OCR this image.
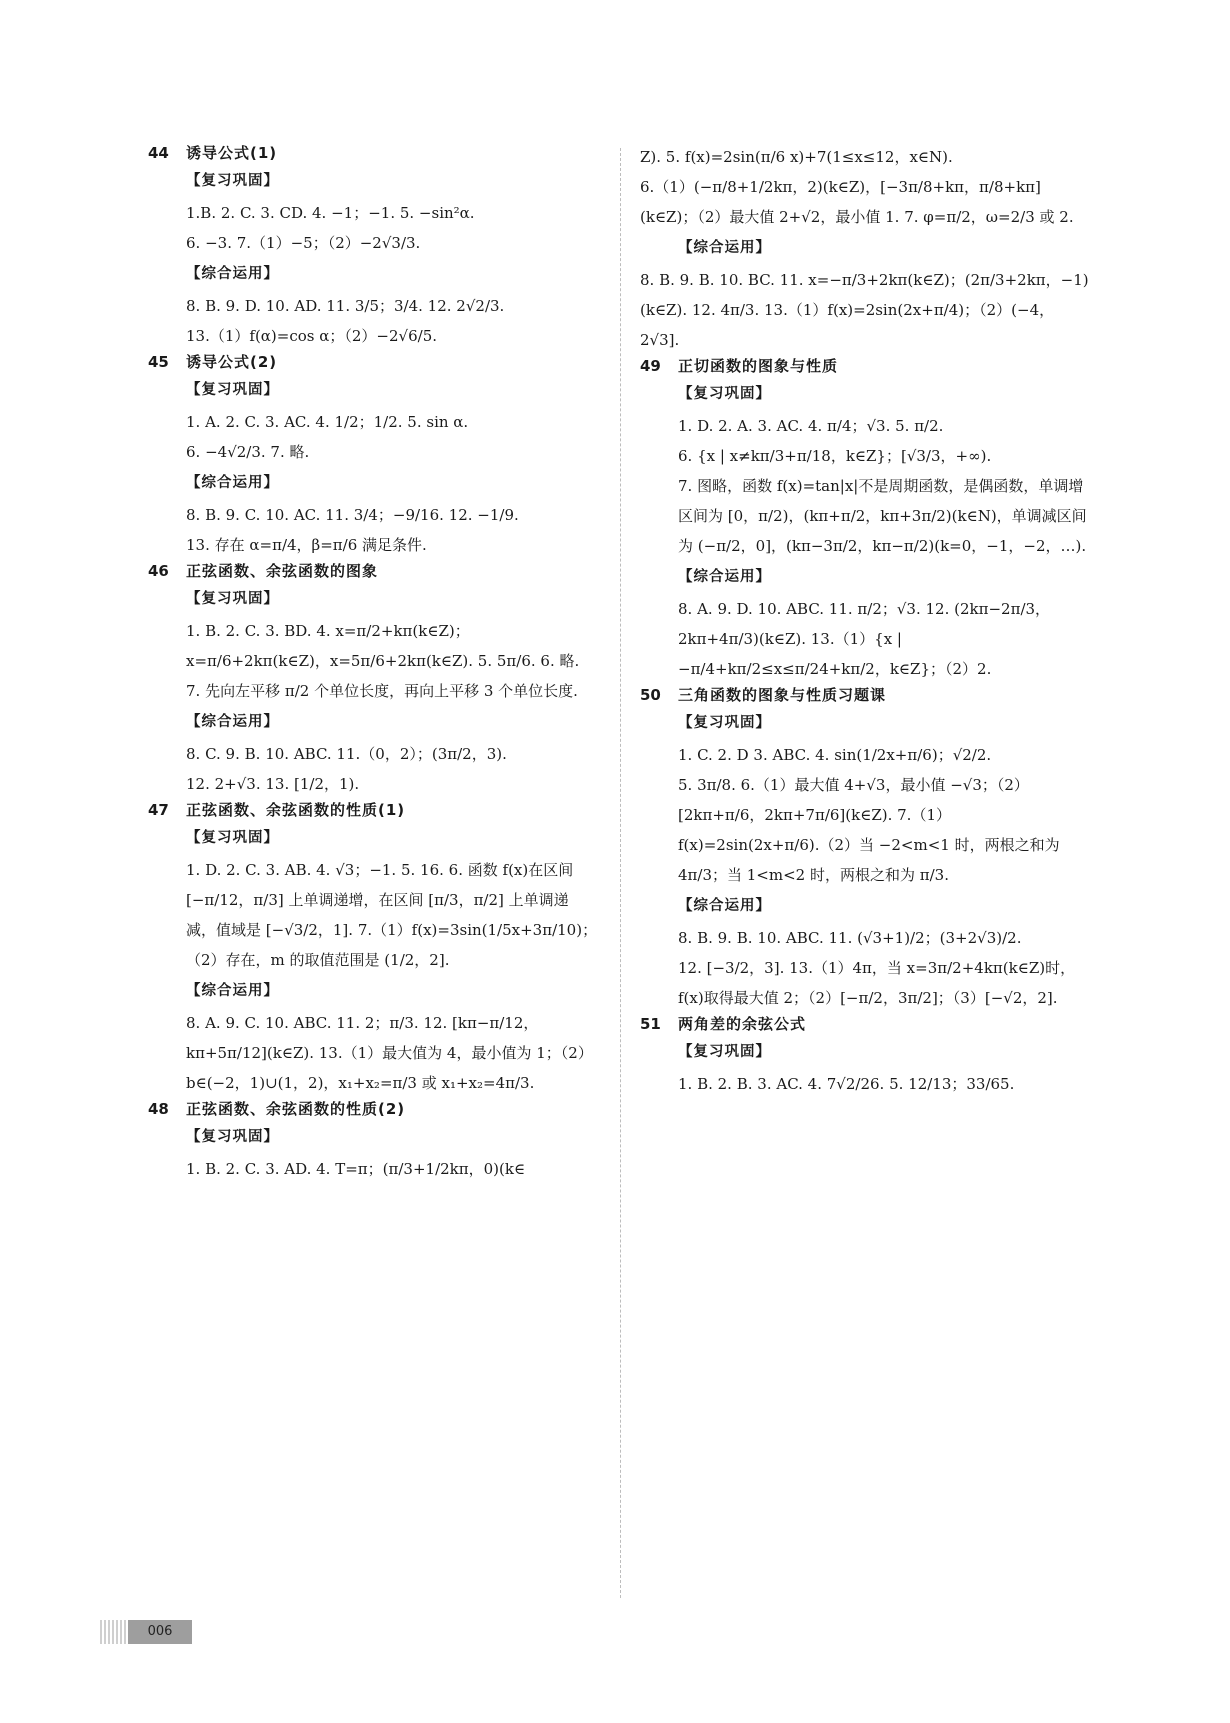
44	诱导公式(1)
【复习巩固】
1.B. 2. C. 3. CD. 4. −1；−1. 5. −sin²α.
6. −3. 7.（1）−5；（2）−2√3/3.
【综合运用】
8. B. 9. D. 10. AD. 11. 3/5；3/4. 12. 2√2/3.
13.（1）f(α)=cos α；（2）−2√6/5.
45	诱导公式(2)
【复习巩固】
1. A. 2. C. 3. AC. 4. 1/2；1/2. 5. sin α.
6. −4√2/3. 7. 略.
【综合运用】
8. B. 9. C. 10. AC. 11. 3/4；−9/16. 12. −1/9.
13. 存在 α=π/4，β=π/6 满足条件.
46	正弦函数、余弦函数的图象
【复习巩固】
1. B. 2. C. 3. BD. 4. x=π/2+kπ(k∈Z)；x=π/6+2kπ(k∈Z)，x=5π/6+2kπ(k∈Z). 5. 5π/6. 6. 略.
7. 先向左平移 π/2 个单位长度，再向上平移 3 个单位长度.
【综合运用】
8. C. 9. B. 10. ABC. 11.（0，2）；(3π/2，3).
12. 2+√3. 13. [1/2，1).
47	正弦函数、余弦函数的性质(1)
【复习巩固】
1. D. 2. C. 3. AB. 4. √3；−1. 5. 16. 6. 函数 f(x)在区间 [−π/12，π/3] 上单调递增，在区间 [π/3，π/2] 上单调递减，值域是 [−√3/2，1]. 7.（1）f(x)=3sin(1/5x+3π/10)；（2）存在，m 的取值范围是 (1/2，2].
【综合运用】
8. A. 9. C. 10. ABC. 11. 2；π/3. 12. [kπ−π/12，kπ+5π/12](k∈Z). 13.（1）最大值为 4，最小值为 1；（2）b∈(−2，1)∪(1，2)，x₁+x₂=π/3 或 x₁+x₂=4π/3.
48	正弦函数、余弦函数的性质(2)
【复习巩固】
1. B. 2. C. 3. AD. 4. T=π；(π/3+1/2kπ，0)(k∈
Z). 5. f(x)=2sin(π/6 x)+7(1≤x≤12，x∈N).
6.（1）(−π/8+1/2kπ，2)(k∈Z)，[−3π/8+kπ，π/8+kπ](k∈Z)；（2）最大值 2+√2，最小值 1. 7. φ=π/2，ω=2/3 或 2.
【综合运用】
8. B. 9. B. 10. BC. 11. x=−π/3+2kπ(k∈Z)；(2π/3+2kπ，−1)(k∈Z). 12. 4π/3. 13.（1）f(x)=2sin(2x+π/4)；（2）(−4，2√3].
49	正切函数的图象与性质
【复习巩固】
1. D. 2. A. 3. AC. 4. π/4；√3. 5. π/2.
6. {x | x≠kπ/3+π/18，k∈Z}；[√3/3，+∞).
7. 图略，函数 f(x)=tan|x|不是周期函数，是偶函数，单调增区间为 [0，π/2)，(kπ+π/2，kπ+3π/2)(k∈N)，单调减区间为 (−π/2，0]，(kπ−3π/2，kπ−π/2)(k=0，−1，−2，…).
【综合运用】
8. A. 9. D. 10. ABC. 11. π/2；√3. 12. (2kπ−2π/3，2kπ+4π/3)(k∈Z). 13.（1）{x | −π/4+kπ/2≤x≤π/24+kπ/2，k∈Z}；（2）2.
50	三角函数的图象与性质习题课
【复习巩固】
1. C. 2. D 3. ABC. 4. sin(1/2x+π/6)；√2/2.
5. 3π/8. 6.（1）最大值 4+√3，最小值 −√3；（2）[2kπ+π/6，2kπ+7π/6](k∈Z). 7.（1）f(x)=2sin(2x+π/6).（2）当 −2<m<1 时，两根之和为 4π/3；当 1<m<2 时，两根之和为 π/3.
【综合运用】
8. B. 9. B. 10. ABC. 11. (√3+1)/2；(3+2√3)/2.
12. [−3/2，3]. 13.（1）4π，当 x=3π/2+4kπ(k∈Z)时，f(x)取得最大值 2；（2）[−π/2，3π/2]；（3）[−√2，2].
51	两角差的余弦公式
【复习巩固】
1. B. 2. B. 3. AC. 4. 7√2/26. 5. 12/13；33/65.
006
